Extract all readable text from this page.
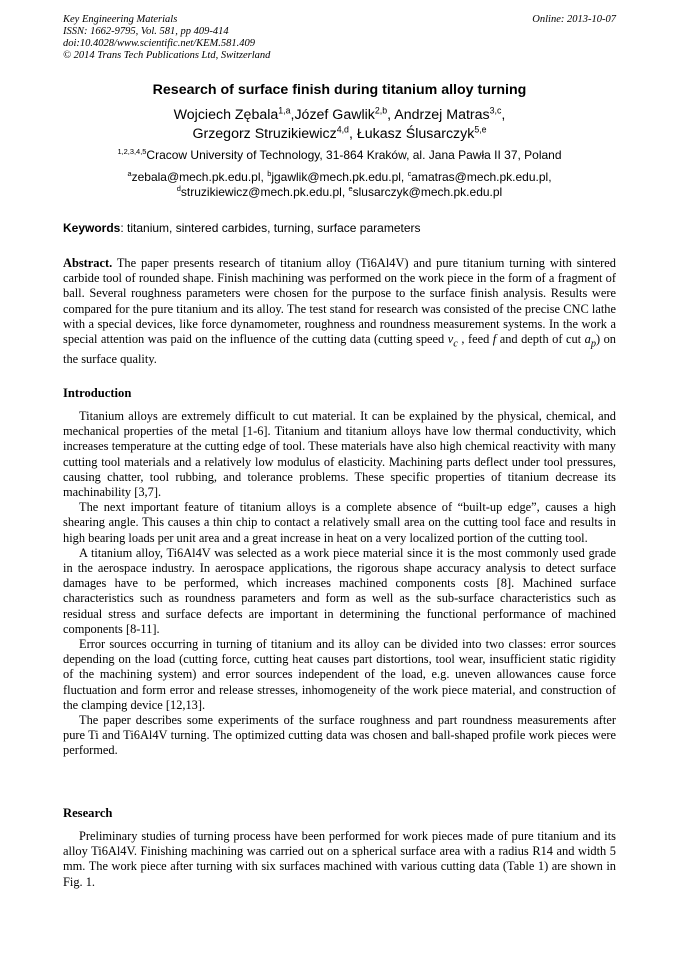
Key Engineering Materials
ISSN: 1662-9795, Vol. 581, pp 409-414
doi:10.4028/www.scientific.net/KEM.581.409
© 2014 Trans Tech Publications Ltd, Switzerland
Online: 2013-10-07
Research of surface finish during titanium alloy turning
Wojciech Zębala$^{1,a}$,Józef Gawlik$^{2,b}$, Andrzej Matras$^{3,c}$,
Grzegorz Struzikiewicz$^{4,d}$, Łukasz Ślusarczyk$^{5,e}$
$^{1,2,3,4,5}$Cracow University of Technology, 31-864 Kraków, al. Jana Pawła II 37, Poland
$^a$zebala@mech.pk.edu.pl, $^b$jgawlik@mech.pk.edu.pl, $^c$amatras@mech.pk.edu.pl,
$^d$struzikiewicz@mech.pk.edu.pl, $^e$slusarczyk@mech.pk.edu.pl
Keywords: titanium, sintered carbides, turning, surface parameters

Abstract. The paper presents research of titanium alloy (Ti6Al4V) and pure titanium turning with sintered carbide tool of rounded shape. Finish machining was performed on the work piece in the form of a fragment of ball. Several roughness parameters were chosen for the purpose to the surface finish analysis. Results were compared for the pure titanium and its alloy. The test stand for research was consisted of the precise CNC lathe with a special devices, like force dynamometer, roughness and roundness measurement systems. In the work a special attention was paid on the influence of the cutting data (cutting speed $v_c$ , feed f and depth of cut $a_p$) on the surface quality.

Introduction

Titanium alloys are extremely difficult to cut material. It can be explained by the physical, chemical, and mechanical properties of the metal [1-6]. Titanium and titanium alloys have low thermal conductivity, which increases temperature at the cutting edge of tool. These materials have also high chemical reactivity with many cutting tool materials and a relatively low modulus of elasticity. Machining parts deflect under tool pressures, causing chatter, tool rubbing, and tolerance problems. These specific properties of titanium decrease its machinability [3,7].

The next important feature of titanium alloys is a complete absence of “built-up edge”, causes a high shearing angle. This causes a thin chip to contact a relatively small area on the cutting tool face and results in high bearing loads per unit area and a great increase in heat on a very localized portion of the cutting tool.

A titanium alloy, Ti6Al4V was selected as a work piece material since it is the most commonly used grade in the aerospace industry. In aerospace applications, the rigorous shape accuracy analysis to detect surface damages have to be performed, which increases machined components costs [8]. Machined surface characteristics such as roundness parameters and form as well as the sub-surface characteristics such as residual stress and surface defects are important in determining the functional performance of machined components [8-11].

Error sources occurring in turning of titanium and its alloy can be divided into two classes: error sources depending on the load (cutting force, cutting heat causes part distortions, tool wear, insufficient static rigidity of the machining system) and error sources independent of the load, e.g. uneven allowances cause force fluctuation and form error and release stresses, inhomogeneity of the work piece material, and construction of the clamping device [12,13].

The paper describes some experiments of the surface roughness and part roundness measurements after pure Ti and Ti6Al4V turning. The optimized cutting data was chosen and ball-shaped profile work pieces were performed.

Research

Preliminary studies of turning process have been performed for work pieces made of pure titanium and its alloy Ti6Al4V. Finishing machining was carried out on a spherical surface area with a radius R14 and width 5 mm. The work piece after turning with six surfaces machined with various cutting data (Table 1) are shown in Fig. 1.
